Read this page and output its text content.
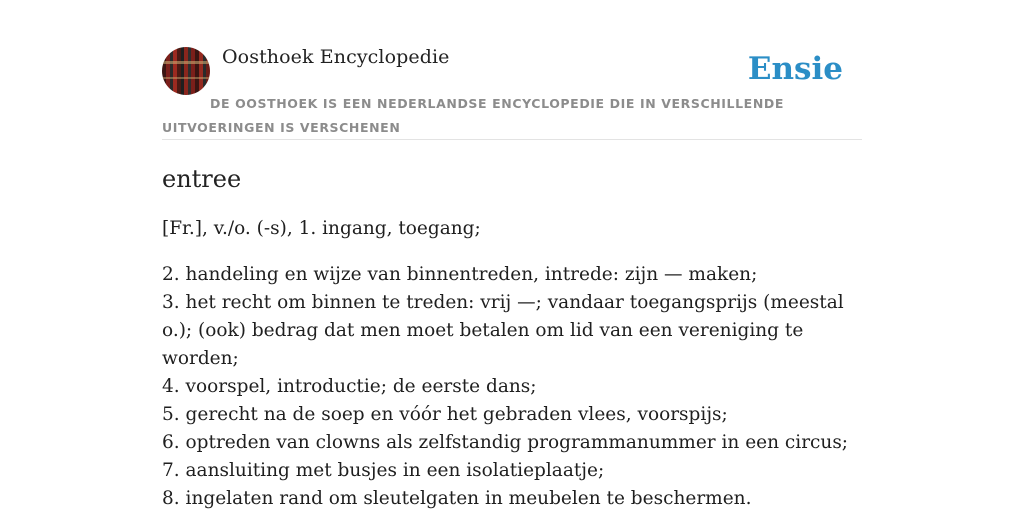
Oosthoek Encyclopedie	Ensie
DE OOSTHOEK IS EEN NEDERLANDSE ENCYCLOPEDIE DIE IN VERSCHILLENDE UITVOERINGEN IS VERSCHENEN
entree

[Fr.], v./o. (-s), 1. ingang, toegang;

2. handeling en wijze van binnentreden, intrede: zijn — maken;
3. het recht om binnen te treden: vrij —; vandaar toegangsprijs (meestal o.); (ook) bedrag dat men moet betalen om lid van een vereniging te worden;
4. voorspel, introductie; de eerste dans;
5. gerecht na de soep en vóór het gebraden vlees, voorspijs;
6. optreden van clowns als zelfstandig programmanummer in een circus;
7. aansluiting met busjes in een isolatieplaatje;
8. ingelaten rand om sleutelgaten in meubelen te beschermen.
